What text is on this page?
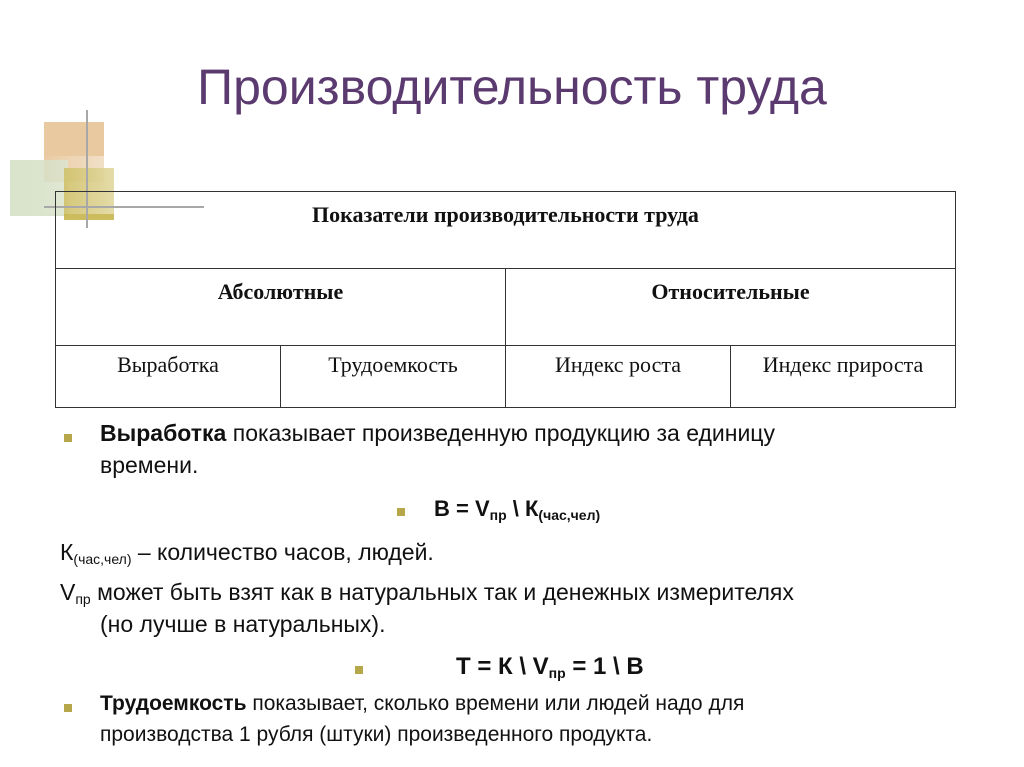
Производительность труда
Показатели производительности труда			
Абсолютные		Относительные	
Выработка	Трудоемкость	Индекс роста	Индекс прироста
Выработка показывает произведенную продукцию за единицу
времени.
$В = V_{пр}$ \ $К_{(час,чел)}$
$К_{(час,чел)}$ – количество часов, людей.
$V_{пр}$ может быть взят как в натуральных так и денежных измерителях
(но лучше в натуральных).
Т = К \ $V_{пр} = 1$ \ В
Трудоемкость показывает, сколько времени или людей надо для
производства 1 рубля (штуки) произведенного продукта.
